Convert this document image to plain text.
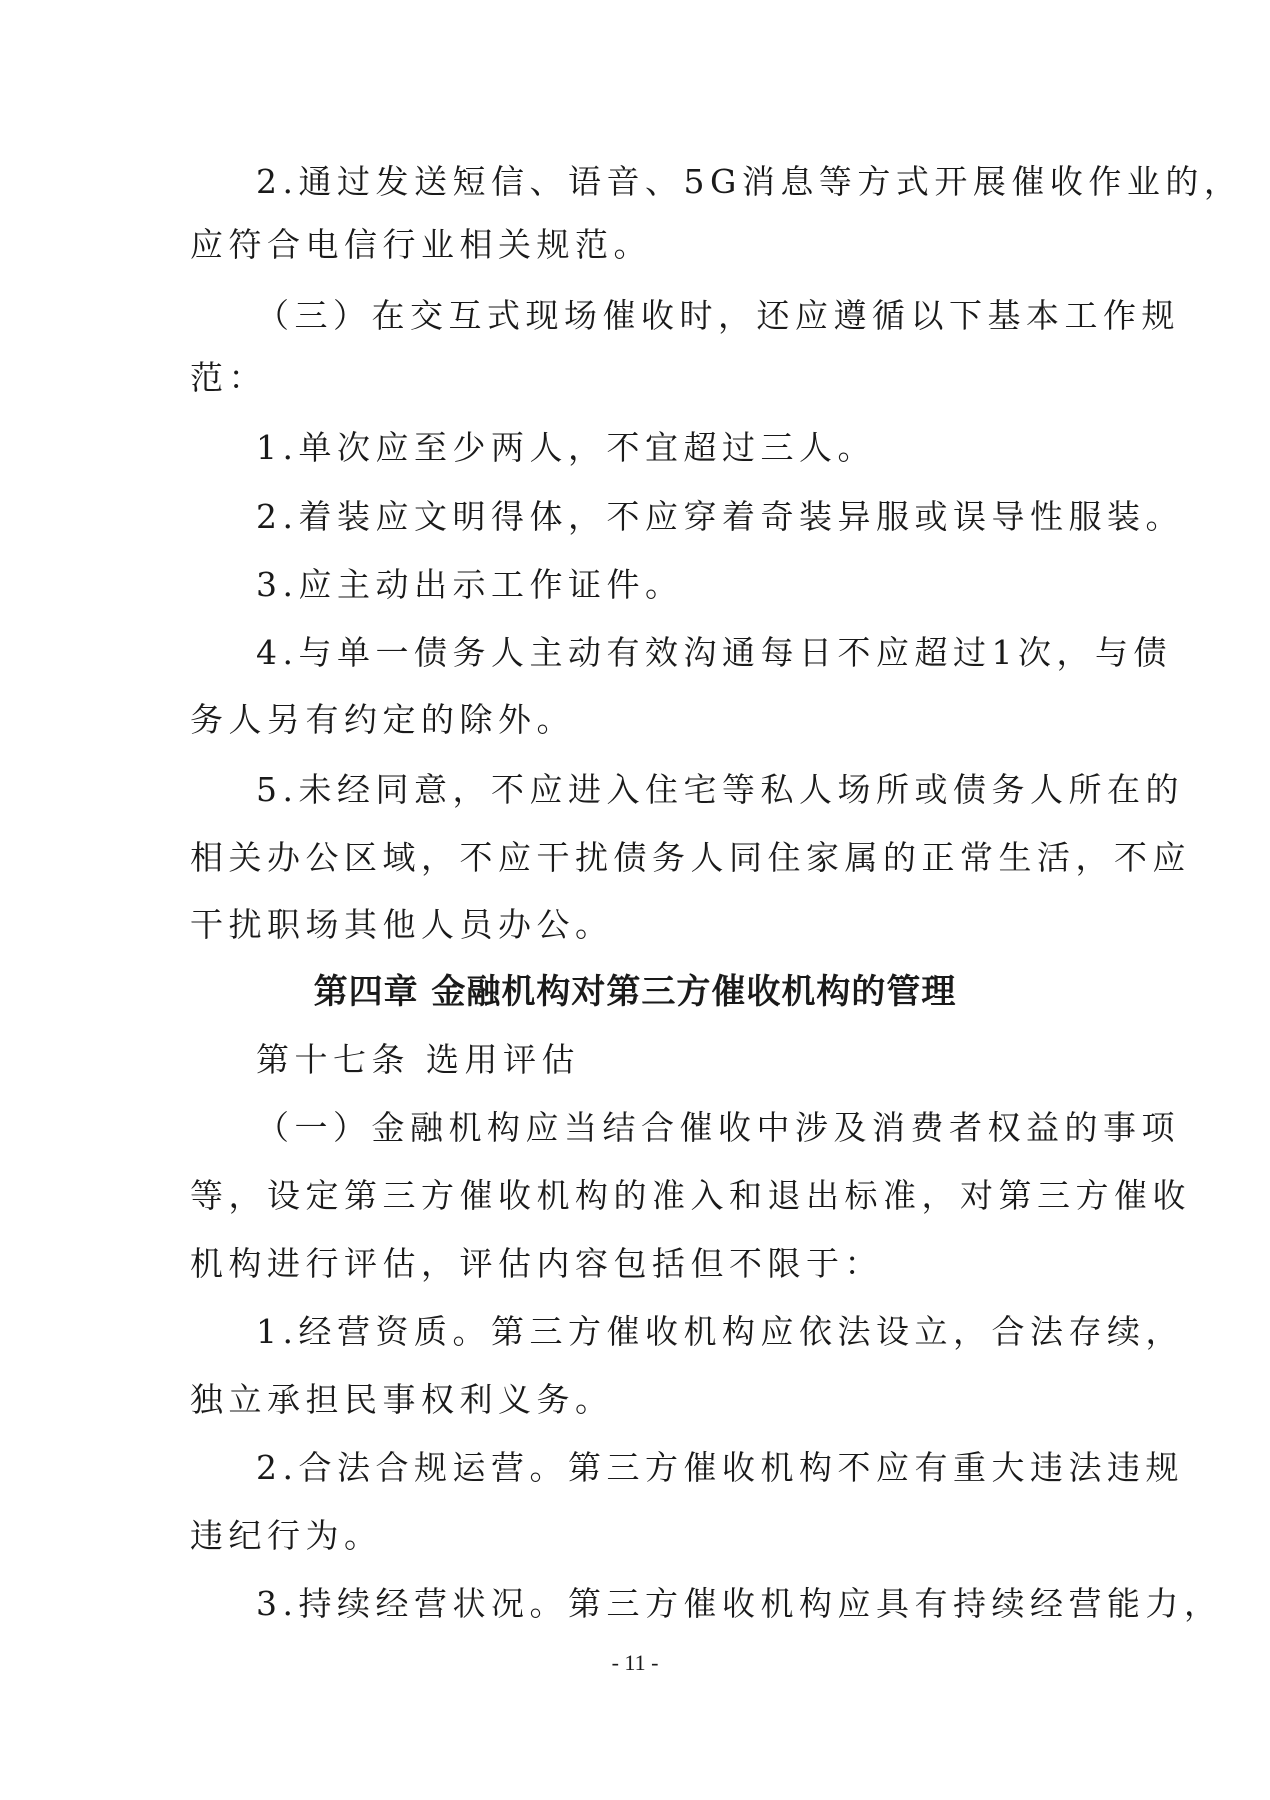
2.通过发送短信、语音、5G消息等方式开展催收作业的，
应符合电信行业相关规范。
（三）在交互式现场催收时，还应遵循以下基本工作规
范：
1.单次应至少两人，不宜超过三人。
2.着装应文明得体，不应穿着奇装异服或误导性服装。
3.应主动出示工作证件。
4.与单一债务人主动有效沟通每日不应超过1次，与债
务人另有约定的除外。
5.未经同意，不应进入住宅等私人场所或债务人所在的
相关办公区域，不应干扰债务人同住家属的正常生活，不应
干扰职场其他人员办公。
第四章 金融机构对第三方催收机构的管理
第十七条 选用评估
（一）金融机构应当结合催收中涉及消费者权益的事项
等，设定第三方催收机构的准入和退出标准，对第三方催收
机构进行评估，评估内容包括但不限于：
1.经营资质。第三方催收机构应依法设立，合法存续，
独立承担民事权利义务。
2.合法合规运营。第三方催收机构不应有重大违法违规
违纪行为。
3.持续经营状况。第三方催收机构应具有持续经营能力，
- 11 -
